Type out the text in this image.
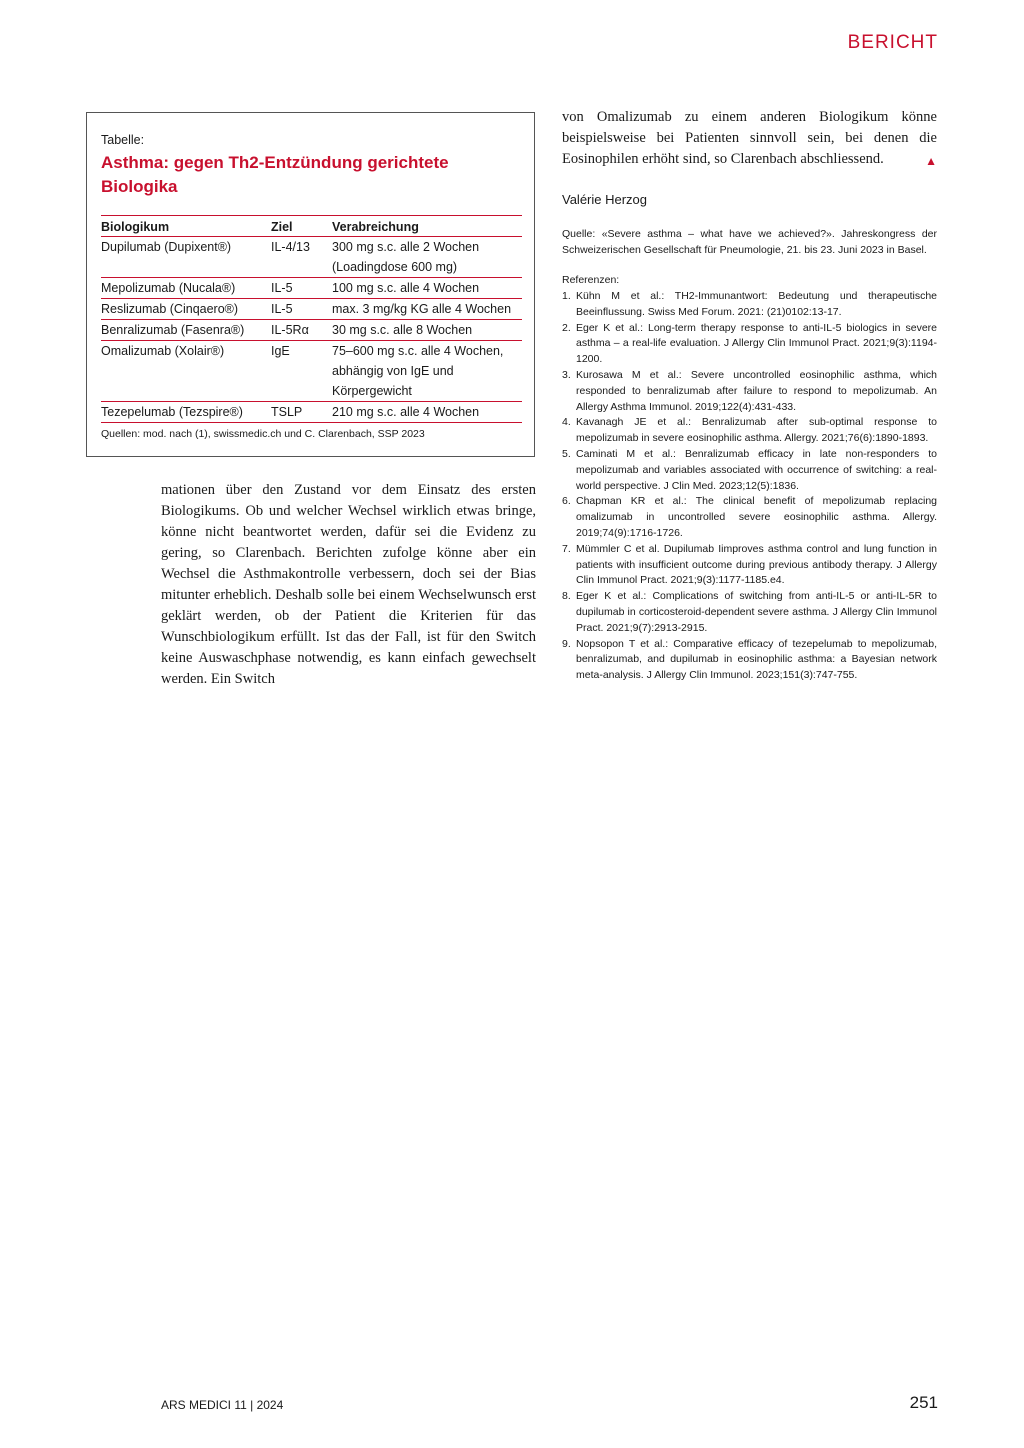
BERICHT
Tabelle:
Asthma: gegen Th2-Entzündung gerichtete Biologika
Biologikum	Ziel	Verabreichung
Dupilumab (Dupixent®)	IL-4/13	300 mg s.c. alle 2 Wochen
(Loadingdose 600 mg)

Mepolizumab (Nucala®)	IL-5	100 mg s.c. alle 4 Wochen

Reslizumab (Cinqaero®)	IL-5	max. 3 mg/kg KG alle 4 Wochen

Benralizumab (Fasenra®)	IL-5Rα	30 mg s.c. alle 8 Wochen

Omalizumab (Xolair®)	IgE	75–600 mg s.c. alle 4 Wochen,
abhängig von IgE und
Körpergewicht

Tezepelumab (Tezspire®)	TSLP	210 mg s.c. alle 4 Wochen
Quellen: mod. nach (1), swissmedic.ch und C. Clarenbach, SSP 2023
mationen über den Zustand vor dem Einsatz des ersten Biologikums. Ob und welcher Wechsel wirklich etwas bringe, könne nicht beantwortet werden, dafür sei die Evidenz zu gering, so Clarenbach. Berichten zufolge könne aber ein Wechsel die Asthmakontrolle verbessern, doch sei der Bias mitunter erheblich. Deshalb solle bei einem Wechselwunsch erst geklärt werden, ob der Patient die Kriterien für das Wunschbiologikum erfüllt. Ist das der Fall, ist für den Switch keine Auswaschphase notwendig, es kann einfach gewechselt werden. Ein Switch
von Omalizumab zu einem anderen Biologikum könne beispielsweise bei Patienten sinnvoll sein, bei denen die Eosinophilen erhöht sind, so Clarenbach abschliessend.	▲
Valérie Herzog
Quelle: «Severe asthma – what have we achieved?». Jahreskongress der Schweizerischen Gesellschaft für Pneumologie, 21. bis 23. Juni 2023 in Basel.
Referenzen:
1. Kühn M et al.: TH2-Immunantwort: Bedeutung und therapeutische Beeinflussung. Swiss Med Forum. 2021: (21)0102:13-17.
2. Eger K et al.: Long-term therapy response to anti-IL-5 biologics in severe asthma – a real-life evaluation. J Allergy Clin Immunol Pract. 2021;9(3):1194-1200.
3. Kurosawa M et al.: Severe uncontrolled eosinophilic asthma, which responded to benralizumab after failure to respond to mepolizumab. An Allergy Asthma Immunol. 2019;122(4):431-433.
4. Kavanagh JE et al.: Benralizumab after sub-optimal response to mepolizumab in severe eosinophilic asthma. Allergy. 2021;76(6):1890-1893.
5. Caminati M et al.: Benralizumab efficacy in late non-responders to mepolizumab and variables associated with occurrence of switching: a real-world perspective. J Clin Med. 2023;12(5):1836.
6. Chapman KR et al.: The clinical benefit of mepolizumab replacing omalizumab in uncontrolled severe eosinophilic asthma. Allergy. 2019;74(9):1716-1726.
7. Mümmler C et al. Dupilumab Iimproves asthma control and lung function in patients with insufficient outcome during previous antibody therapy. J Allergy Clin Immunol Pract. 2021;9(3):1177-1185.e4.
8. Eger K et al.: Complications of switching from anti-IL-5 or anti-IL-5R to dupilumab in corticosteroid-dependent severe asthma. J Allergy Clin Immunol Pract. 2021;9(7):2913-2915.
9. Nopsopon T et al.: Comparative efficacy of tezepelumab to mepolizumab, benralizumab, and dupilumab in eosinophilic asthma: a Bayesian network meta-analysis. J Allergy Clin Immunol. 2023;151(3):747-755.
ARS MEDICI 11 | 2024	251
